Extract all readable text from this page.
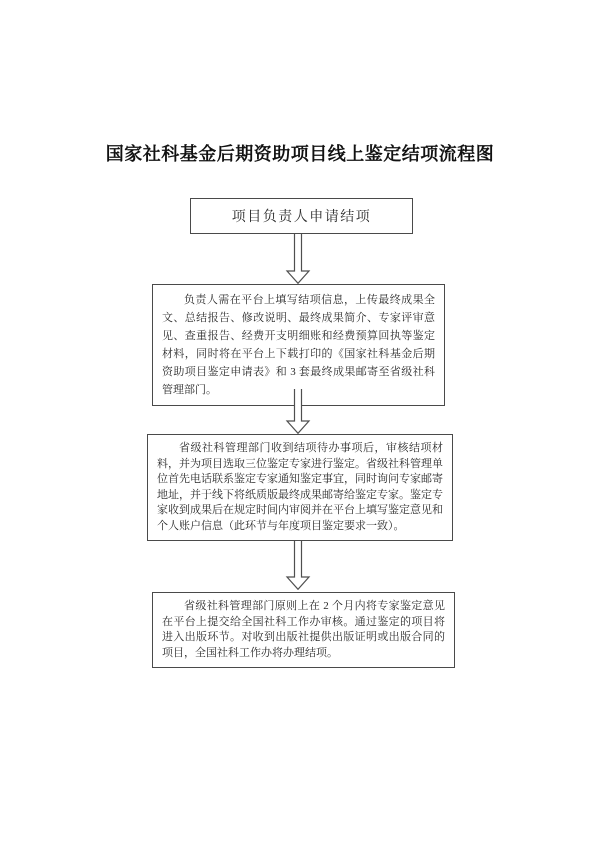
国家社科基金后期资助项目线上鉴定结项流程图
项目负责人申请结项
负责人需在平台上填写结项信息，上传最终成果全文、总结报告、修改说明、最终成果简介、专家评审意见、查重报告、经费开支明细账和经费预算回执等鉴定材料，同时将在平台上下载打印的《国家社科基金后期资助项目鉴定申请表》和 3 套最终成果邮寄至省级社科管理部门。
省级社科管理部门收到结项待办事项后，审核结项材料，并为项目选取三位鉴定专家进行鉴定。省级社科管理单位首先电话联系鉴定专家通知鉴定事宜，同时询问专家邮寄地址，并于线下将纸质版最终成果邮寄给鉴定专家。鉴定专家收到成果后在规定时间内审阅并在平台上填写鉴定意见和个人账户信息（此环节与年度项目鉴定要求一致）。
省级社科管理部门原则上在 2 个月内将专家鉴定意见在平台上提交给全国社科工作办审核。通过鉴定的项目将进入出版环节。对收到出版社提供出版证明或出版合同的项目，全国社科工作办将办理结项。
